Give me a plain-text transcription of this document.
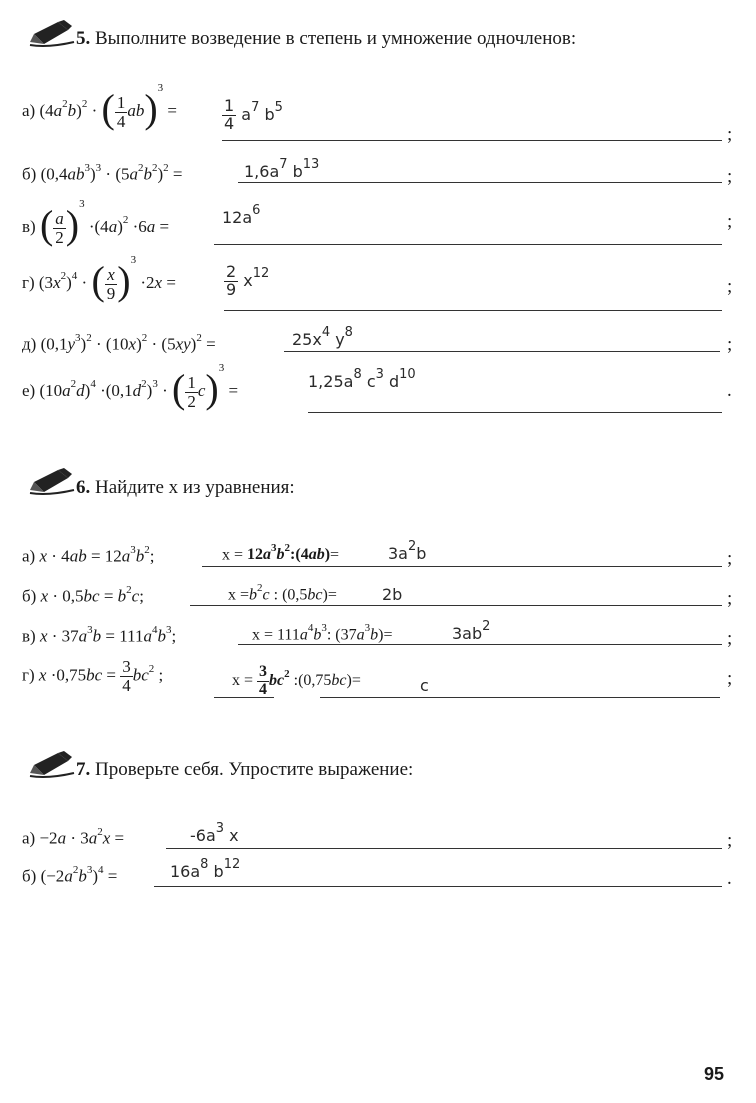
5. Выполните возведение в степень и умножение одночленов:
а) $(4a^2b)^2$ · ( $\frac{1}{4} ab)^3$ =	$\frac{1}{4} a^7$ $b^5$
;
б) $(0,4ab^3)^3 \cdot (5a^2b^2)^2$ =	$1,6a^7$ $b^{13}$
;
в) ( $\frac{a}{2} )^3 \cdot(4a)^2 \cdot 6a$ =	$12a^6$
;
г) $(3x^2)^4$ · ( $\frac{x}{9} )^3 \cdot 2x$ =	$\frac{2}{9} x^{12}$
;
д) $(0,1y^3)^2 \cdot (10x)^2 \cdot (5xy)^2$ =	$25x^4$ $y^8$
;
е) $(10a^2d)^4 \cdot(0,1d^2)^3$ · ( $\frac{1}{2} c)^3$ =	$1,25a^8$ $c^3$ $d^{10}$
.
6. Найдите x из уравнения:
а) $x \cdot 4ab = 12a^3b^2$;	$x = 12a^3b^2:(4ab)=$	$3a^2b$	;
б) $x \cdot 0,5bc = b^2c$;	$x =b^2c$ : (0,5bc)=	2b	;
в) $x \cdot 37a^3b = 111a^4b^3$;	$x = 111a^4b^3$: $(37a^3b)=$	$3ab^2$
;
г) $x \cdot 0,75bc = \frac{3}{4} bc^2$ ;	$x = \frac{3}{4} bc^2$ :(0,75bc)=	c	;
7. Проверьте себя. Упростите выражение:
$а) -2a \cdot 3a^2x$ =	$-6a^3$ x	;
б) $(-2a^2b^3)^4$ =	$16a^8$ $b^{12}$
.
95
